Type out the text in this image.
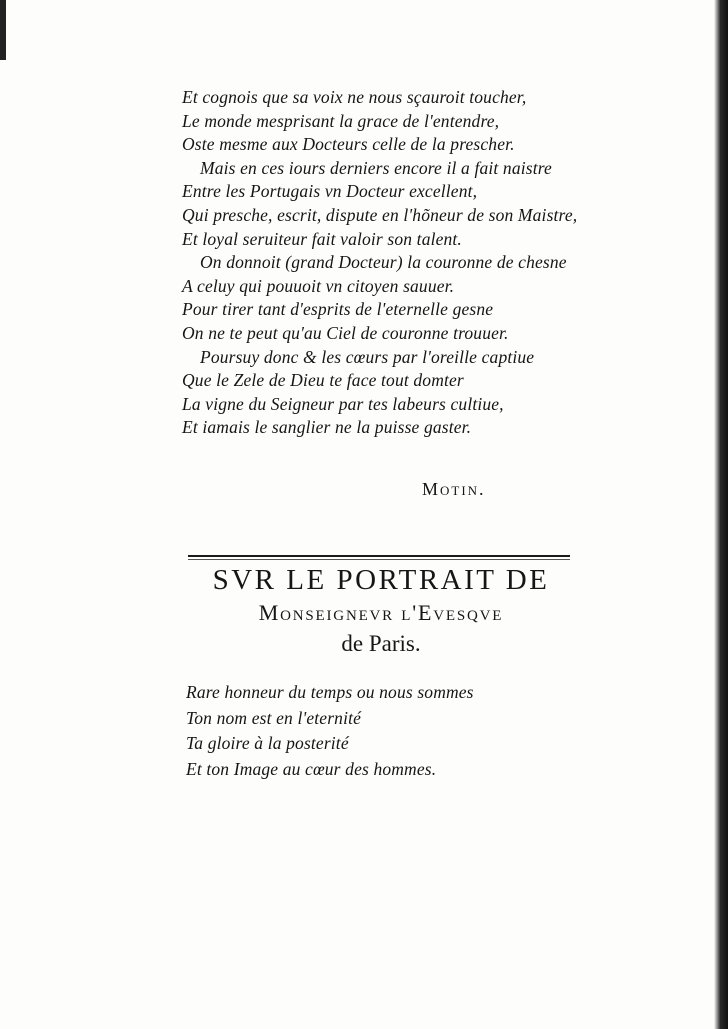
Et cognois que sa voix ne nous sçauroit toucher,
Le monde mesprisant la grace de l'entendre,
Oste mesme aux Docteurs celle de la prescher.
Mais en ces iours derniers encore il a fait naistre
Entre les Portugais vn Docteur excellent,
Qui presche, escrit, dispute en l'hõneur de son Maistre,
Et loyal seruiteur fait valoir son talent.
On donnoit (grand Docteur) la couronne de chesne
A celuy qui pouuoit vn citoyen sauuer.
Pour tirer tant d'esprits de l'eternelle gesne
On ne te peut qu'au Ciel de couronne trouuer.
Poursuy donc & les cœurs par l'oreille captiue
Que le Zele de Dieu te face tout domter
La vigne du Seigneur par tes labeurs cultiue,
Et iamais le sanglier ne la puisse gaster.
Motin.
SVR LE PORTRAIT DE
Monseignevr l'Evesqve
de Paris.
Rare honneur du temps ou nous sommes
Ton nom est en l'eternité
Ta gloire à la posterité
Et ton Image au cœur des hommes.
